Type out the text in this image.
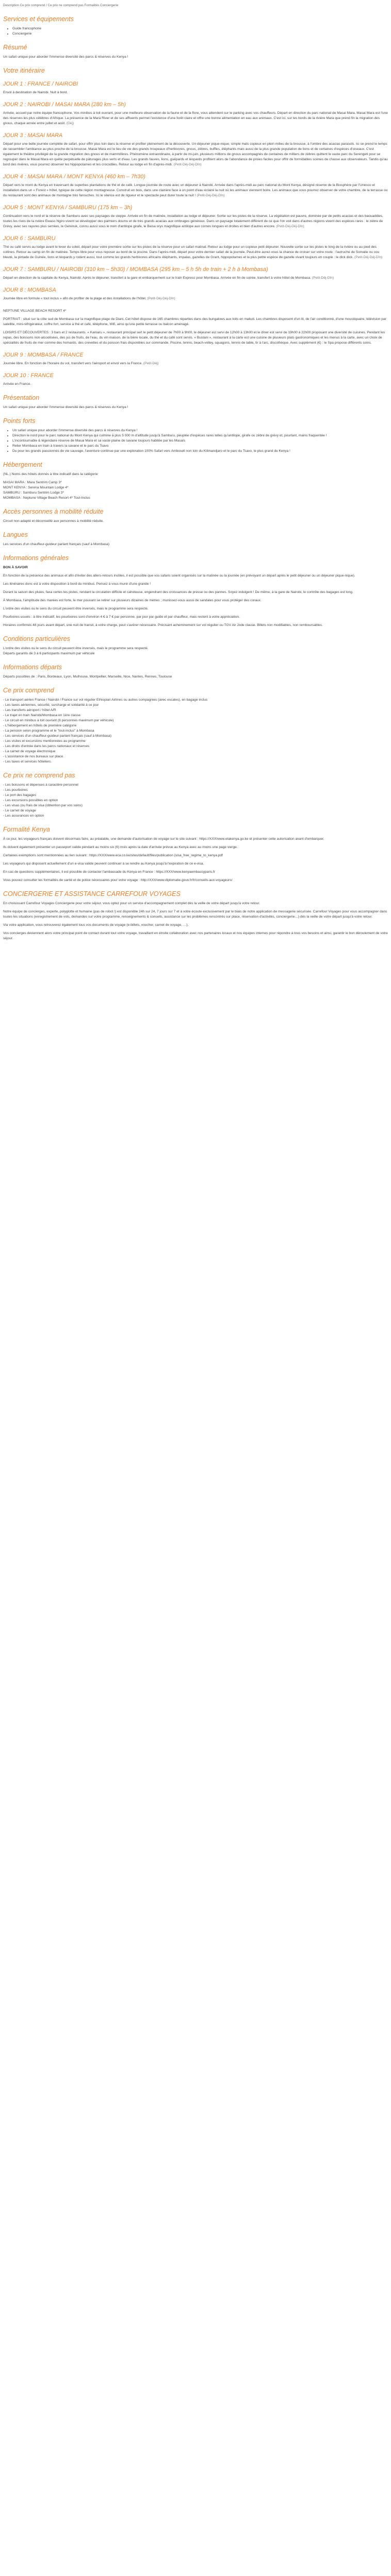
Description Ce prix comprend / Ce prix ne comprend pas Formalités Conciergerie
Services et équipements
• Guide francophone
• Conciergerie
Résumé

Un safari unique pour aborder l'immense diversité des parcs & réserves du Kenya !

Votre itinéraire
JOUR 1 : FRANCE / NAIROBI

Envol à destination de Nairobi. Nuit à bord.

JOUR 2 : NAIROBI / MASAI MARA (280 km – 5h)

Arrivée, accueil par notre équipe francophone. Vos minibus à toit ouvrant, pour une meilleure observation de la faune et de la flore, vous attendent sur le parking avec vos chauffeurs. Départ en direction du parc national de Masai Mara. Masai Mara est l'une des réserves les plus célèbres d'Afrique. La présence de la Mara River et de ses affluents permet l'existence d'une forêt claire et offre une bonne alimentation en eau aux animaux. C'est ici, sur les bords de la rivière Mara que prend fin la migration des gnous, chaque année entre juillet et août. (Déj)

JOUR 3 : MASAI MARA

Départ pour une belle journée complète de safari, pour offrir plus loin dans la réserve et profiter pleinement de la découverte. Un déjeuner pique-nique, simple mais copieux en plein milieu de la brousse, à l'ombre des acacias parasols. Ici se prend le temps de rassembler l'ambiance au plus proche de la brousse. Masai Mara est le lieu de vie des grands troupeaux d'herbivores, gnous, zèbres, buffles, éléphants mais aussi de la plus grande population de lions et de certaines d'espèces d'oiseaux. C'est également le théâtre privilégié de la grande migration des gnous et de mammifères. Phénomène extraordinaire, à partir de mi-juin, plusieurs millions de gnous accompagnés de centaines de milliers de zèbres quittent le vaste parc du Serengeti pour se regrouper dans le Masai Mara en quête perpétuelle de pâturages plus verts et d'eau. Les grands fauves, lions, guépards et léopards profitent alors de l'abondance de proies faciles pour offrir de formidables scènes de chasse aux observateurs. Tandis qu'au bord des rivières, vous pourrez observer les hippopotames et les crocodiles. Retour au lodge en fin d'après-midi. (Petit-Déj-Déj-Dîn)

JOUR 4 : MASAI MARA / MONT KENYA (460 km – 7h30)

Départ vers le mont du Kenya en traversant de superbes plantations de thé et de café. Longue journée de route avec un déjeuner à Nairobi. Arrivée dans l'après-midi au parc national du Mont Kenya, désigné réserve de la Biosphère par l'Unesco et installation dans un « Forest » hôtel, typique de cette région montagneuse. Construit en bois, dans une clairière face à un point d'eau éclairé la nuit où les animaux viennent boire. Les animaux que vous pourrez observer de votre chambre, de la terrasse ou du restaurant sont des animaux de montagne très farouches. Ici le silence est de rigueur et le spectacle peut durer toute la nuit ! (Petit-Déj-Déj-Dîn)

JOUR 5 : MONT KENYA / SAMBURU (175 km – 3h)

Continuation vers le nord et la réserve de Samburu avec ses paysages de steppe. Arrivée en fin de matinée, installation au lodge et déjeuner. Sortie sur les pistes de la réserve. La végétation est pauvre, dominée par de petits acacias et des baouaddies, toutes les rives de la rivière Ewaso Ngiro vivent se développer des palmiers doums et de très grands acacias aux ombrages généreux. Dans un paysage totalement différent de ce que l'on voit dans d'autres régions vivent des espèces rares : le zèbre de Grévy, avec ses rayures plus serrées, le Gerenuk, connu aussi sous le nom d'antilope girafe, le Beisa oryx magnifique antilope aux cornes longues et droites et bien d'autres encore. (Petit-Déj-Déj-Dîn)

JOUR 6 : SAMBURU

Thé ou café servis au lodge avant le lever du soleil, départ pour votre première sortie sur les pistes de la réserve pour un safari matinal. Retour au lodge pour un copieux petit déjeuner. Nouvelle sortie sur les pistes le long de la rivière ou au pied des collines. Retour au camp en fin de matinée. Temps libre pour vous reposer au bord de la piscine. Dans l'après-midi, départ pour votre dernier safari de la journée. Peut-être aurez-vous la chance de croiser sur votre route : l'autruche de Somalie ou cou bleuté, la pintade de Guinée, lions et léopards y rodent aussi, tout comme les grands herbivores africains éléphants, impalas, gazelles de Grant, hippopotames et la plus petite espèce de gazelle vivant toujours en couple : le dick dick. (Petit-Déj-Déj-Dîn)

JOUR 7 : SAMBURU / NAIROBI (310 km – 5h30) / MOMBASA (295 km – 5 h 5h de train + 2 h à Mombasa)

Départ en direction de la capitale du Kenya, Nairobi. Après le déjeuner, transfert à la gare et embarquement sur le train Express pour Mombasa. Arrivée en fin de soirée, transfert à votre hôtel de Mombasa. (Petit-Déj-Dîn)

JOUR 8 : MOMBASA

Journée libre en formule « tout inclus » afin de profiter de la plage et des installations de l'hôtel. (Petit-Déj-Déj-Dîn)

NEPTUNE VILLAGE BEACH RESORT 4*

PORTRAIT : situé sur la côte sud de Mombasa sur la magnifique plage de Diani. Cet hôtel dispose de 165 chambres réparties dans des bungalows aux toits en makuti. Les chambres disposent d'un lit, de l'air conditionné, d'une moustiquaire, télévision par satellite, mini-réfrigérateur, coffre fort, service à thé et café, téléphone, Wifi, ainsi qu'une petite terrasse ou balcon aménagé.

LOISIRS ET DÉCOUVERTES : 3 bars et 2 restaurants. « Kamaru », restaurant principal sert le petit déjeuner de 7h00 à 9h00, le déjeuner est servi de 12h00 à 13h00 et le dîner est servi de 19h00 à 22h00 proposant une diversité de cuisines. Pendant les repas, des boissons non-alcoolisées, des jus de fruits, de l'eau, du vin maison, de la bière locale, du thé et du café sont servis. « Bustani », restaurant à la carte est une cuisine de plusieurs plats gastronomiques et les menus à la carte, avec un choix de spécialités de fruits de mer comme des homards, des crevettes et du poisson frais disponibles sur commande. Piscine, tennis, beach-volley, squagons, tennis de table, tir à l'arc, discothèque. Avec supplément (€) : le Spa propose différents soins.

JOUR 9 : MOMBASA / FRANCE

Journée libre. En fonction de l'horaire du vol, transfert vers l'aéroport et envol vers la France. (Petit-Déj)

JOUR 10 : FRANCE

Arrivée en France.

Présentation

Un safari unique pour aborder l'immense diversité des parcs & réserves du Kenya !

Points forts
• Un safari unique pour aborder l'immense diversité des parcs & réserves du Kenya !
• Direction le nord pour le parc national du Mont Kenya qui culmine à plus 5 000 m d'altitude jusqu'à Samburu, peuplée d'espèces rares telles qu'antilope, girafe ou zèbre de grévy et, pourtant, mains fraquentée !
• L'incontournable & légendaire réserve de Masai Mara et sa vaste plaine de savane toujours habitée par les Masaïs
• Relier Mombasa en train à travers la savane et le parc du Tsavo
• Du pour les grands passionnés de vie sauvage, l'aventure continue par une exploration 100% Safari vers Amboseli non loin du Kilimandjaro et le parc du Tsavo, le plus grand du Kenya !
Hébergement

(NL.) Noms des hôtels donnés à titre indicatif dans la catégorie

MASAI MARA : Mara Sentrim Camp 3*

MONT KENYA : Serena Mountain Lodge 4*

SAMBURU : Samburu Sentrim Lodge 3*

MOMBASA : Neptune Village Beach Resort 4* Tout-Inclus

Accès personnes à mobilité réduite

Circuit non-adapté et déconseillé aux personnes à mobilité réduite.

Langues

Les services d'un chauffeur-guideur parlant français (sauf à Mombasa)

Informations générales

BON À SAVOIR

En fonction de la présence des animaux et afin d'éviter des allers-retours inutiles, il est possible que vos safaris soient organisés sur la matinée ou la journée (en prévoyant un départ après le petit déjeuner ou un déjeuner pique-nique).

Les itinéraires donc est à votre disposition à bord du minibus. Pensez à vous munir d'une grande !

Durant la saison des pluies, faxa certes les pistes, rendant la circulation difficile et cahoteuse, engendrant des croissances de presse ou des pannes. Soyez indulgent ! De même, à la gare de Nairobi, le contrôle des bagages est long.

À Mombasa, l'amplitude des marées est forte, le mer pouvant se retirer sur plusieurs dizaines de mètres ; munissez-vous aussi de sandales pour vous protéger des coraux.

L'ordre des visites ou le sens du circuit peuvent être inversés, mais le programme sera respecté.

Pourboires usuels : à titre indicatif, les pourboires sont d'environ 4 € à 7 € par personne, par jour par guide et par chauffeur, mais restent à votre appréciation.

Horaires confirmés 48 jours avant départ, une nuit de transit, à votre charge, peut s'avérer nécessaire. Précisant acheminement sur vol régulier ou TGV Air Jode clause. Billets non modifiables, non remboursables.

Conditions particulières

L'ordre des visites ou le sens du circuit peuvent être inversés, mais le programme sera respecté.

Départs garantis de 3 à 6 participants maximum par véhicule

Informations départs

Départs possibles de : Paris, Bordeaux, Lyon, Mulhouse, Montpellier, Marseille, Nice, Nantes, Rennes, Toulouse

Ce prix comprend

- Le transport aérien France / Nairobi / France sur vol régulier Ethiopian Airlines ou autres compagnies (avec escales), en bagage inclus

- Les taxes aériennes, sécurité, surcharge et solidarité à ce jour

- Les transferts aéroport / hôtel A/R

- Le trajet en train Nairobi/Mombasa en 1ère classe

- Le circuit en minibus à toit ouvrant (6 personnes maximum par véhicule)

- L'hébergement en hôtels de première catégorie

- La pension selon programme et le "tout-inclus" à Mombasa

- Les services d'un chauffeur-guideur parlant français (sauf à Mombasa)

- Les visites et excursions mentionnées au programme

- Les droits d'entrée dans les parcs nationaux et réserves

- La carnet de voyage électronique

- L'assistance de nos bureaux sur place

- Les taxes et services hôteliers.

Ce prix ne comprend pas

- Les boissons et dépenses à caractère personnel

- Les pourboires

- Le port des bagages

- Les excursions possibles en option

- Les visas (ou frais de visa (obtention par vos soins)

- Le carnet de voyage

- Les assurances en option

Formalité Kenya

À ce jour, les voyageurs français doivent désormais faire, au préalable, une demande d'autorisation de voyage sur le site suivant : https://XXX/www.etakenya.go.ke et présenter cette autorisation avant d'embarquer.

Ils doivent également présenter un passeport valide pendant au moins six (6) mois après la date d'arrivée prévue au Kenya avec au moins une page vierge.

Certaines exemptions sont mentionnées au lien suivant : https://XXX/www.eca.co.ke/sites/default/files/publication (visa_free_regime_to_kenya.pdf

Les voyageurs qui disposent actuellement d'un e-visa valide peuvent continuer à se rendre au Kenya jusqu'à l'expiration de ce e-visa.

En cas de questions supplémentaires, il est possible de contacter l'ambassade du Kenya en France : https://XXX/www.kenyaembassyparis.fr

Vous pouvez consulter les formalités de santé et de police nécessaires pour votre voyage : http://XXX/www.diplomatie.gouv.fr/fr/conseils-aux-voyageurs/

CONCIERGERIE ET ASSISTANCE CARREFOUR VOYAGES

En choisissant Carrefour Voyages Conciergerie pour votre séjour, vous optez pour un service d'accompagnement complet dès la veille de votre départ jusqu'à votre retour.

Notre équipe de concierges, experte, polyglotte et humaine (pas de robot !) est disponible 24h sur 24, 7 jours sur 7 et à votre écoute exclusivement par le biais de notre application de messagerie sécurisée. Carrefour Voyages pour vous accompagner dans toutes les situations (enregistrement de vols, demandes sur votre programme, renseignements & conseils, assistance sur les problèmes rencontrés sur place, réservation d'activités, conciergerie…) dès la veille de votre départ jusqu'à votre retour.

Via votre application, vous retrouverez également tous vos documents de voyage (e-billets, voucher, carnet de voyage, …).

Vos concierges deviennent alors votre principal point de contact durant tout votre voyage, travaillant en étroite collaboration avec nos partenaires locaux et nos équipes internes pour répondre à tous vos besoins et ainsi, garantir le bon déroulement de votre séjour.
